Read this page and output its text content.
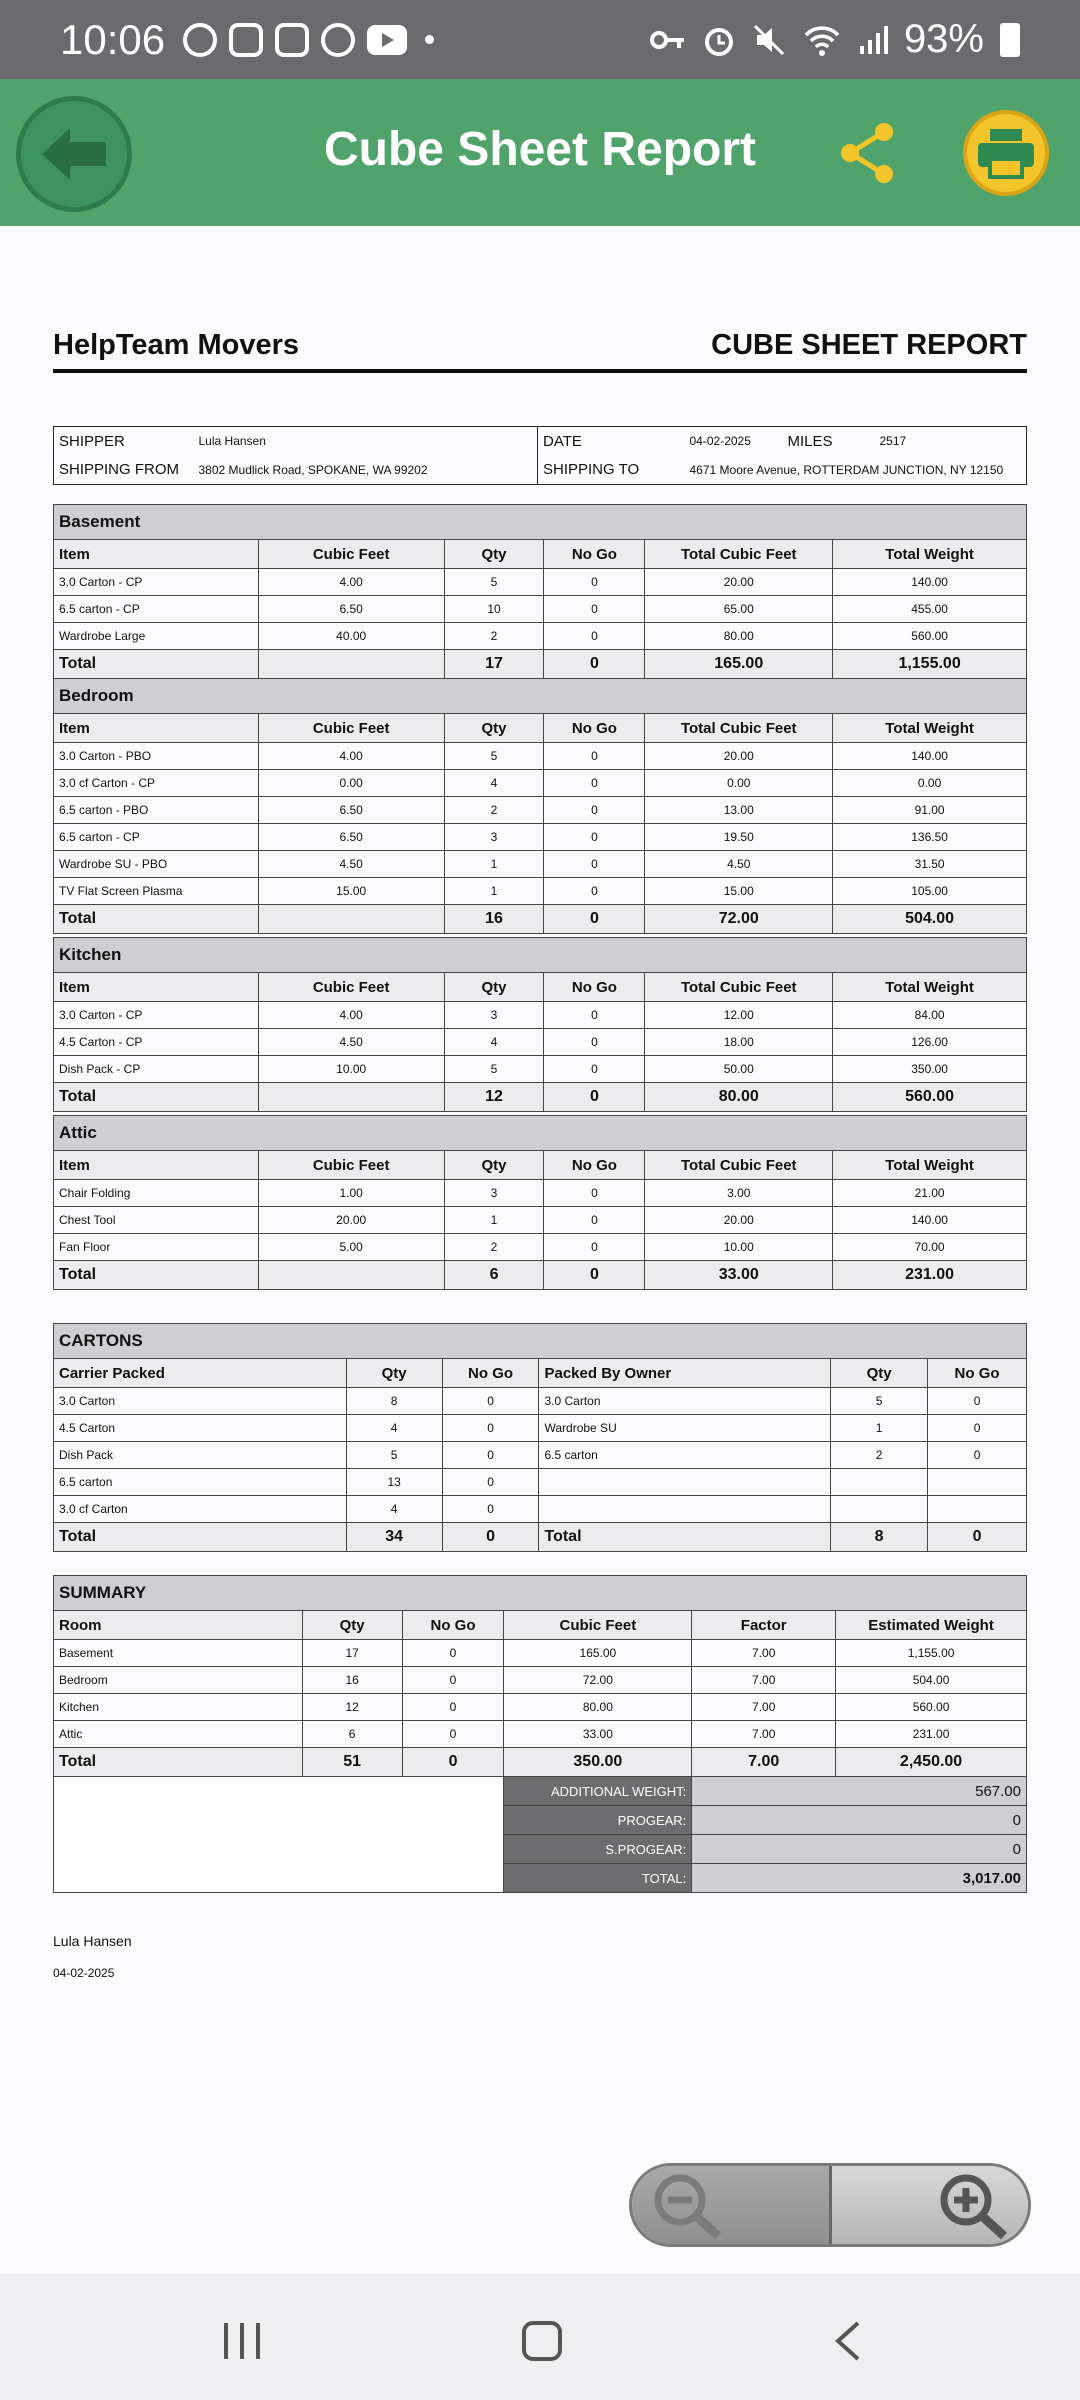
10:06	93%
Cube Sheet Report
HelpTeam Movers	CUBE SHEET REPORT
SHIPPER	Lula Hansen	DATE	04-02-2025	MILES	2517
SHIPPING FROM	3802 Mudlick Road, SPOKANE, WA 99202	SHIPPING TO	4671 Moore Avenue, ROTTERDAM JUNCTION, NY 12150		
Basement					
Item	Cubic Feet	Qty	No Go	Total Cubic Feet	Total Weight
3.0 Carton - CP	4.00	5	0	20.00	140.00
6.5 carton - CP	6.50	10	0	65.00	455.00
Wardrobe Large	40.00	2	0	80.00	560.00
Total		17	0	165.00	1,155.00
Bedroom					
Item	Cubic Feet	Qty	No Go	Total Cubic Feet	Total Weight
3.0 Carton - PBO	4.00	5	0	20.00	140.00
3.0 cf Carton - CP	0.00	4	0	0.00	0.00
6.5 carton - PBO	6.50	2	0	13.00	91.00
6.5 carton - CP	6.50	3	0	19.50	136.50
Wardrobe SU - PBO	4.50	1	0	4.50	31.50
TV Flat Screen Plasma	15.00	1	0	15.00	105.00
Total		16	0	72.00	504.00
Kitchen					
Item	Cubic Feet	Qty	No Go	Total Cubic Feet	Total Weight
3.0 Carton - CP	4.00	3	0	12.00	84.00
4.5 Carton - CP	4.50	4	0	18.00	126.00
Dish Pack - CP	10.00	5	0	50.00	350.00
Total		12	0	80.00	560.00
Attic					
Item	Cubic Feet	Qty	No Go	Total Cubic Feet	Total Weight
Chair Folding	1.00	3	0	3.00	21.00
Chest Tool	20.00	1	0	20.00	140.00
Fan Floor	5.00	2	0	10.00	70.00
Total		6	0	33.00	231.00
CARTONS					
Carrier Packed	Qty	No Go	Packed By Owner	Qty	No Go
3.0 Carton	8	0	3.0 Carton	5	0
4.5 Carton	4	0	Wardrobe SU	1	0
Dish Pack	5	0	6.5 carton	2	0
6.5 carton	13	0			
3.0 cf Carton	4	0			
Total	34	0	Total	8	0
SUMMARY					
Room	Qty	No Go	Cubic Feet	Factor	Estimated Weight
Basement	17	0	165.00	7.00	1,155.00
Bedroom	16	0	72.00	7.00	504.00
Kitchen	12	0	80.00	7.00	560.00
Attic	6	0	33.00	7.00	231.00
Total	51	0	350.00	7.00	2,450.00
			ADDITIONAL WEIGHT:	567.00	
			PROGEAR:	0	
			S.PROGEAR:	0	
			TOTAL:	3,017.00	
Lula Hansen
04-02-2025
